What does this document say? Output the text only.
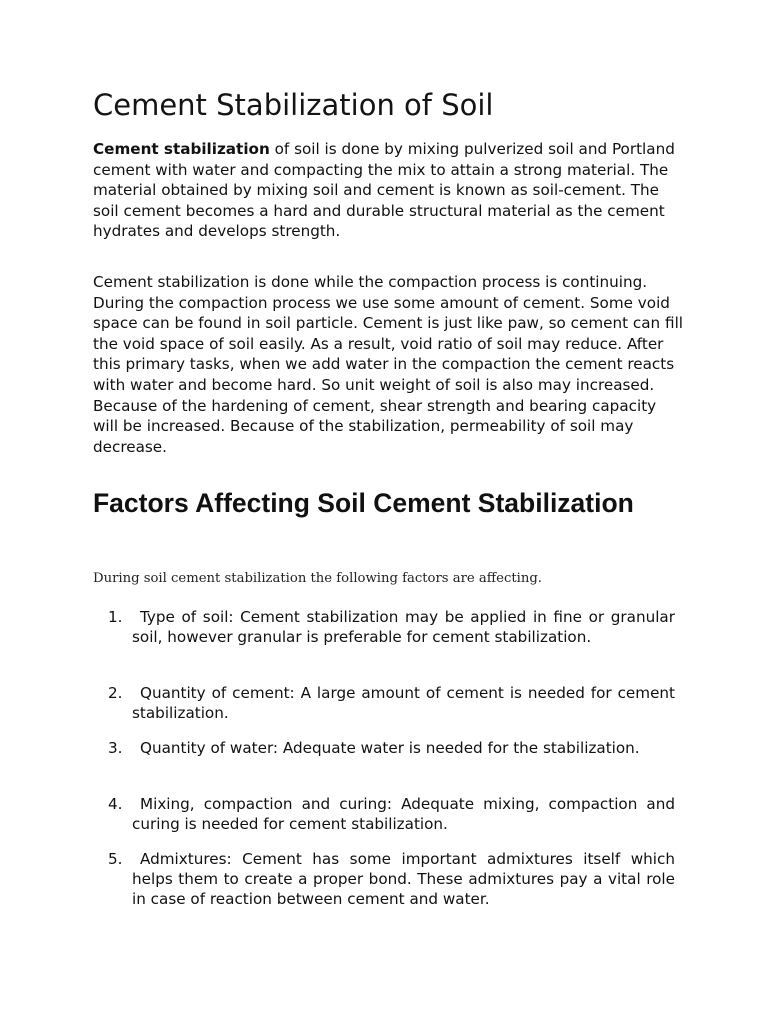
Cement Stabilization of Soil

Cement stabilization of soil is done by mixing pulverized soil and Portland cement with water and compacting the mix to attain a strong material. The material obtained by mixing soil and cement is known as soil-cement. The soil cement becomes a hard and durable structural material as the cement hydrates and develops strength.

Cement stabilization is done while the compaction process is continuing. During the compaction process we use some amount of cement. Some void space can be found in soil particle. Cement is just like paw, so cement can fill the void space of soil easily. As a result, void ratio of soil may reduce. After this primary tasks, when we add water in the compaction the cement reacts with water and become hard. So unit weight of soil is also may increased. Because of the hardening of cement, shear strength and bearing capacity will be increased. Because of the stabilization, permeability of soil may decrease.

Factors Affecting Soil Cement Stabilization

During soil cement stabilization the following factors are affecting.

1.	Type of soil: Cement stabilization may be applied in fine or granular soil, however granular is preferable for cement stabilization.
2.	Quantity of cement: A large amount of cement is needed for cement stabilization.
3.	Quantity of water: Adequate water is needed for the stabilization.
4.	Mixing, compaction and curing: Adequate mixing, compaction and curing is needed for cement stabilization.
5.	Admixtures: Cement has some important admixtures itself which helps them to create a proper bond. These admixtures pay a vital role in case of reaction between cement and water.
